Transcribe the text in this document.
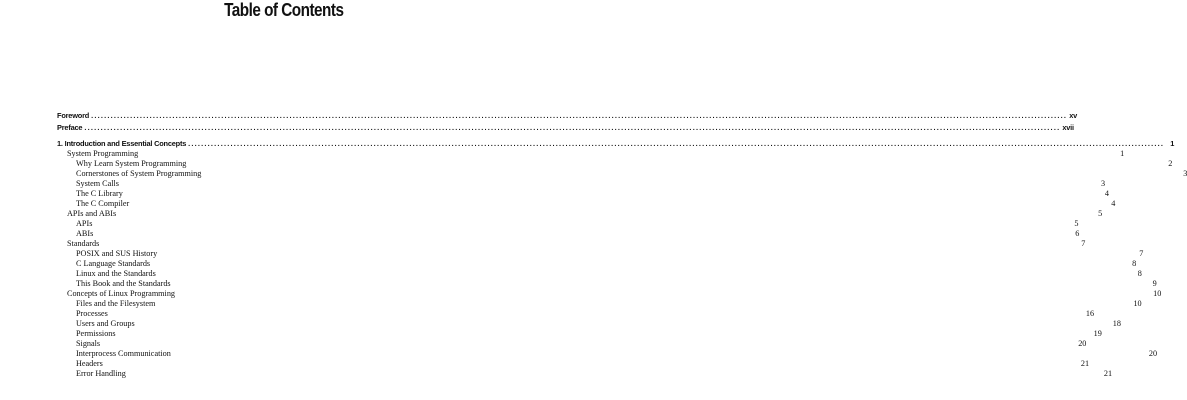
Table of Contents
Foreword ............................................................................................................................................................................................................................................................................................................ xv
Preface ............................................................................................................................................................................................................................................................................................................ xvii
1. Introduction and Essential Concepts ............................................................................................................................................................................................................................................................................................................ 1
System Programming	1
Why Learn System Programming	2
Cornerstones of System Programming	3
System Calls	3
The C Library	4
The C Compiler	4
APIs and ABIs	5
APIs	5
ABIs	6
Standards	7
POSIX and SUS History	7
C Language Standards	8
Linux and the Standards	8
This Book and the Standards	9
Concepts of Linux Programming	10
Files and the Filesystem	10
Processes	16
Users and Groups	18
Permissions	19
Signals	20
Interprocess Communication	20
Headers	21
Error Handling	21
